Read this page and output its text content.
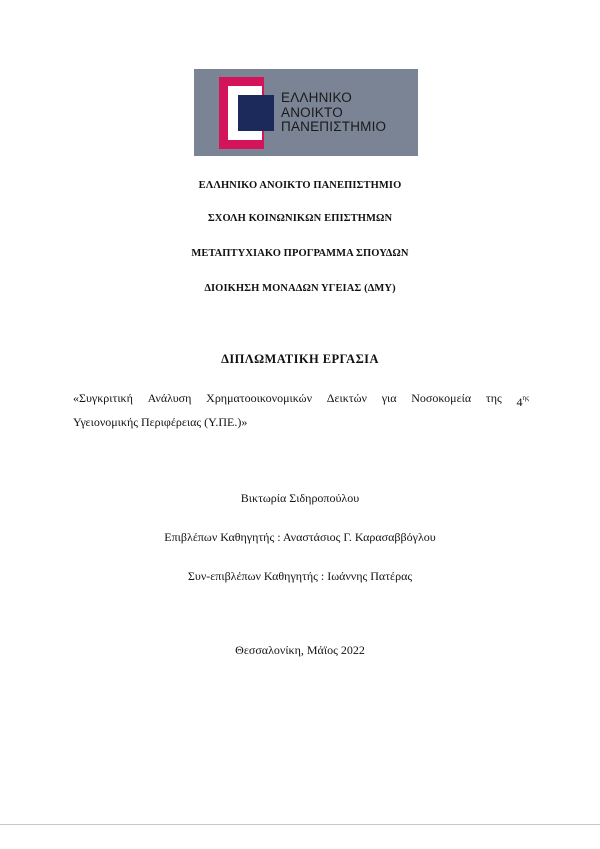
ΕΛΛΗΝΙΚΟ
ΑΝΟΙΚΤΟ
ΠΑΝΕΠΙΣΤΗΜΙΟ
ΕΛΛΗΝΙΚΟ ΑΝΟΙΚΤΟ ΠΑΝΕΠΙΣΤΗΜΙΟ
ΣΧΟΛΗ ΚΟΙΝΩΝΙΚΩΝ ΕΠΙΣΤΗΜΩΝ
ΜΕΤΑΠΤΥΧΙΑΚΟ ΠΡΟΓΡΑΜΜΑ ΣΠΟΥΔΩΝ
ΔΙΟΙΚΗΣΗ ΜΟΝΑΔΩΝ ΥΓΕΙΑΣ (ΔΜΥ)
ΔΙΠΛΩΜΑΤΙΚΗ ΕΡΓΑΣΙΑ
«Συγκριτική Ανάλυση Χρηματοοικονομικών Δεικτών για Νοσοκομεία της $4^{\eta\varsigma}$
Υγειονομικής Περιφέρειας (Υ.ΠΕ.)»
Βικτωρία Σιδηροπούλου
Επιβλέπων Καθηγητής : Αναστάσιος Γ. Καρασαββόγλου
Συν-επιβλέπων Καθηγητής : Ιωάννης Πατέρας
Θεσσαλονίκη, Μάϊος 2022
